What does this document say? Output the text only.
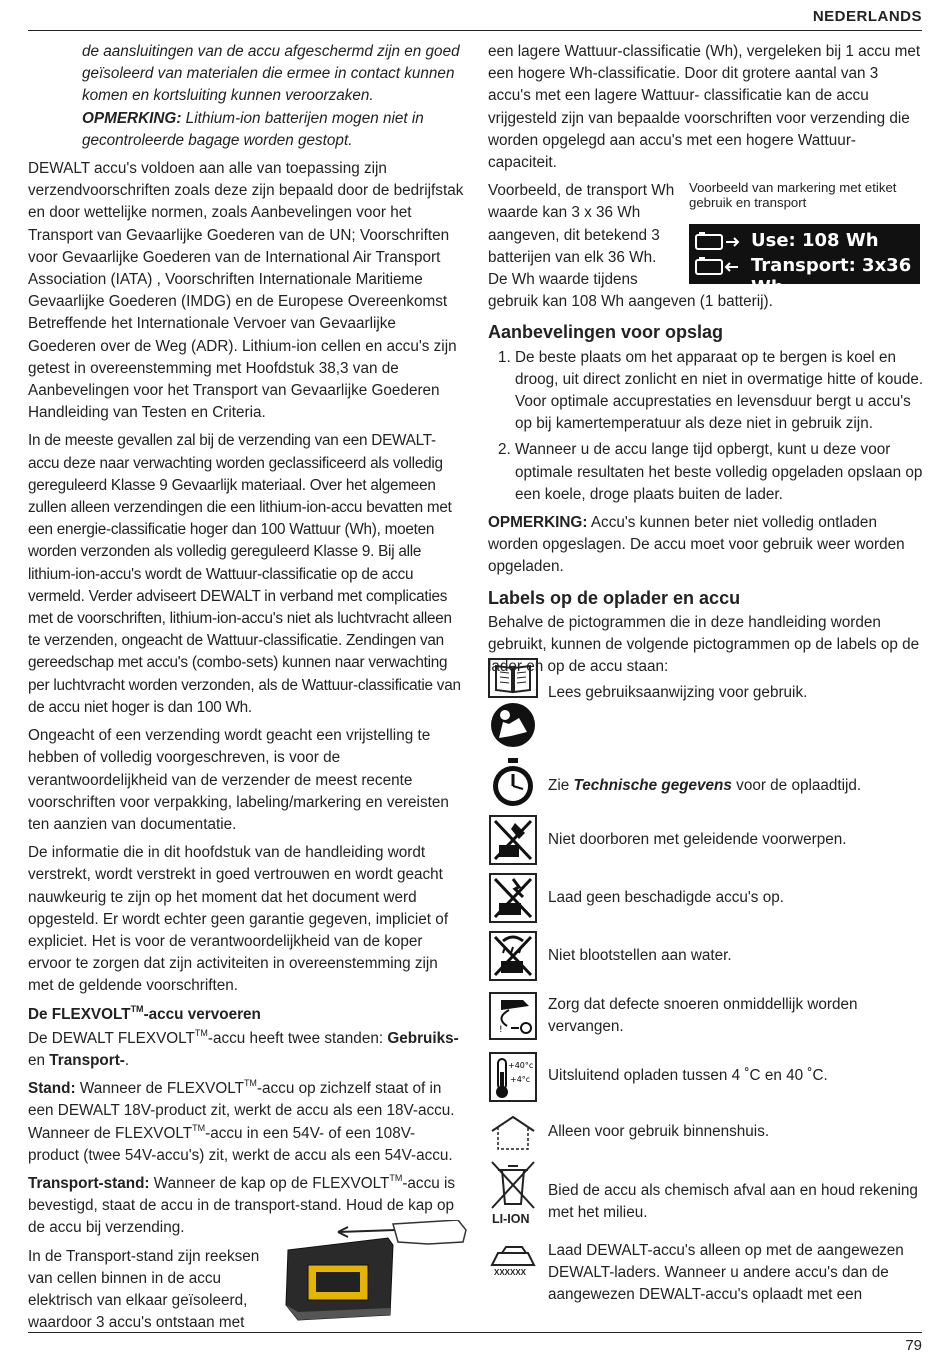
NEDERLANDS

de aansluitingen van de accu afgeschermd zijn en goed geïsoleerd van materialen die ermee in contact kunnen komen en kortsluiting kunnen veroorzaken.
OPMERKING: Lithium-ion batterijen mogen niet in gecontroleerde bagage worden gestopt.

DEWALT accu's voldoen aan alle van toepassing zijn verzendvoorschriften zoals deze zijn bepaald door de bedrijfstak en door wettelijke normen, zoals Aanbevelingen voor het Transport van Gevaarlijke Goederen van de UN; Voorschriften voor Gevaarlijke Goederen van de International Air Transport Association (IATA) , Voorschriften Internationale Maritieme Gevaarlijke Goederen (IMDG) en de Europese Overeenkomst Betreffende het Internationale Vervoer van Gevaarlijke Goederen over de Weg (ADR). Lithium-ion cellen en accu's zijn getest in overeenstemming met Hoofdstuk 38,3 van de Aanbevelingen voor het Transport van Gevaarlijke Goederen Handleiding van Testen en Criteria.

In de meeste gevallen zal bij de verzending van een DEWALT-accu deze naar verwachting worden geclassificeerd als volledig gereguleerd Klasse 9 Gevaarlijk materiaal. Over het algemeen zullen alleen verzendingen die een lithium-ion-accu bevatten met een energie-classificatie hoger dan 100 Wattuur (Wh), moeten worden verzonden als volledig gereguleerd Klasse 9. Bij alle lithium-ion-accu's wordt de Wattuur-classificatie op de accu vermeld. Verder adviseert DEWALT in verband met complicaties met de voorschriften, lithium-ion-accu's niet als luchtvracht alleen te verzenden, ongeacht de Wattuur-classificatie. Zendingen van gereedschap met accu's (combo-sets) kunnen naar verwachting per luchtvracht worden verzonden, als de Wattuur-classificatie van de accu niet hoger is dan 100 Wh.

Ongeacht of een verzending wordt geacht een vrijstelling te hebben of volledig voorgeschreven, is voor de verantwoordelijkheid van de verzender de meest recente voorschriften voor verpakking, labeling/markering en vereisten ten aanzien van documentatie.

De informatie die in dit hoofdstuk van de handleiding wordt verstrekt, wordt verstrekt in goed vertrouwen en wordt geacht nauwkeurig te zijn op het moment dat het document werd opgesteld. Er wordt echter geen garantie gegeven, impliciet of expliciet. Het is voor de verantwoordelijkheid van de koper ervoor te zorgen dat zijn activiteiten in overeenstemming zijn met de geldende voorschriften.

De FLEXVOLT™-accu vervoeren

De DEWALT FLEXVOLT™-accu heeft twee standen: Gebruiks- en Transport-.

Stand: Wanneer de FLEXVOLT™-accu op zichzelf staat of in een DEWALT 18V-product zit, werkt de accu als een 18V-accu. Wanneer de FLEXVOLT™-accu in een 54V- of een 108V-product (twee 54V-accu's) zit, werkt de accu als een 54V-accu.

Transport-stand: Wanneer de kap op de FLEXVOLT™-accu is bevestigd, staat de accu in de transport-stand. Houd de kap op de accu bij verzending.

In de Transport-stand zijn reeksen van cellen binnen in de accu elektrisch van elkaar geïsoleerd, waardoor 3 accu's ontstaan met

een lagere Wattuur-classificatie (Wh), vergeleken bij 1 accu met een hogere Wh-classificatie. Door dit grotere aantal van 3 accu's met een lagere Wattuur- classificatie kan de accu vrijgesteld zijn van bepaalde voorschriften voor verzending die worden opgelegd aan accu's met een hogere Wattuur-capaciteit.

Voorbeeld, de transport Wh waarde kan 3 x 36 Wh aangeven, dit betekend 3 batterijen van elk 36 Wh. De Wh waarde tijdens

Voorbeeld van markering met etiket gebruik en transport
Use: 108 Wh
Transport: 3x36 Wh

gebruik kan 108 Wh aangeven (1 batterij).

Aanbevelingen voor opslag
1. De beste plaats om het apparaat op te bergen is koel en droog, uit direct zonlicht en niet in overmatige hitte of koude. Voor optimale accuprestaties en levensduur bergt u accu's op bij kamertemperatuur als deze niet in gebruik zijn.
2. Wanneer u de accu lange tijd opbergt, kunt u deze voor optimale resultaten het beste volledig opgeladen opslaan op een koele, droge plaats buiten de lader.

OPMERKING: Accu's kunnen beter niet volledig ontladen worden opgeslagen. De accu moet voor gebruik weer worden opgeladen.

Labels op de oplader en accu

Behalve de pictogrammen die in deze handleiding worden gebruikt, kunnen de volgende pictogrammen op de labels op de lader en op de accu staan:

Lees gebruiksaanwijzing voor gebruik.
Zie Technische gegevens voor de oplaadtijd.
Niet doorboren met geleidende voorwerpen.
Laad geen beschadigde accu's op.
Niet blootstellen aan water.
!
Zorg dat defecte snoeren onmiddellijk worden vervangen.
+40°c
+4°c Uitsluitend opladen tussen 4 ˚C en 40 ˚C.
Alleen voor gebruik binnenshuis.
LI-ION
Bied de accu als chemisch afval aan en houd rekening met het milieu.
XXXXXX
Laad DEWALT-accu's alleen op met de aangewezen DEWALT-laders. Wanneer u andere accu's dan de aangewezen DEWALT-accu's oplaadt met een
79
